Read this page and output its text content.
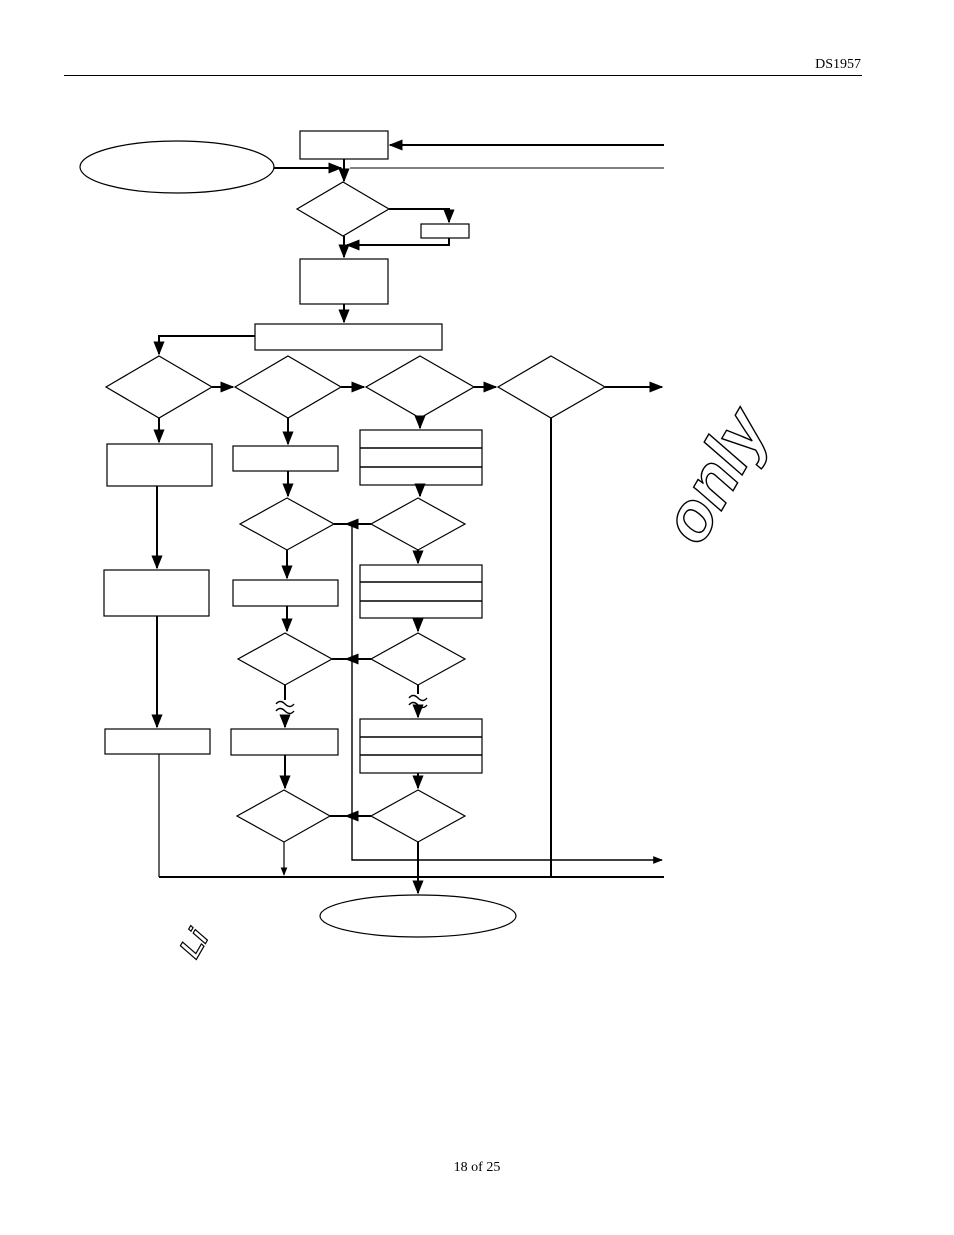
DS1957
only
Li
18 of 25
